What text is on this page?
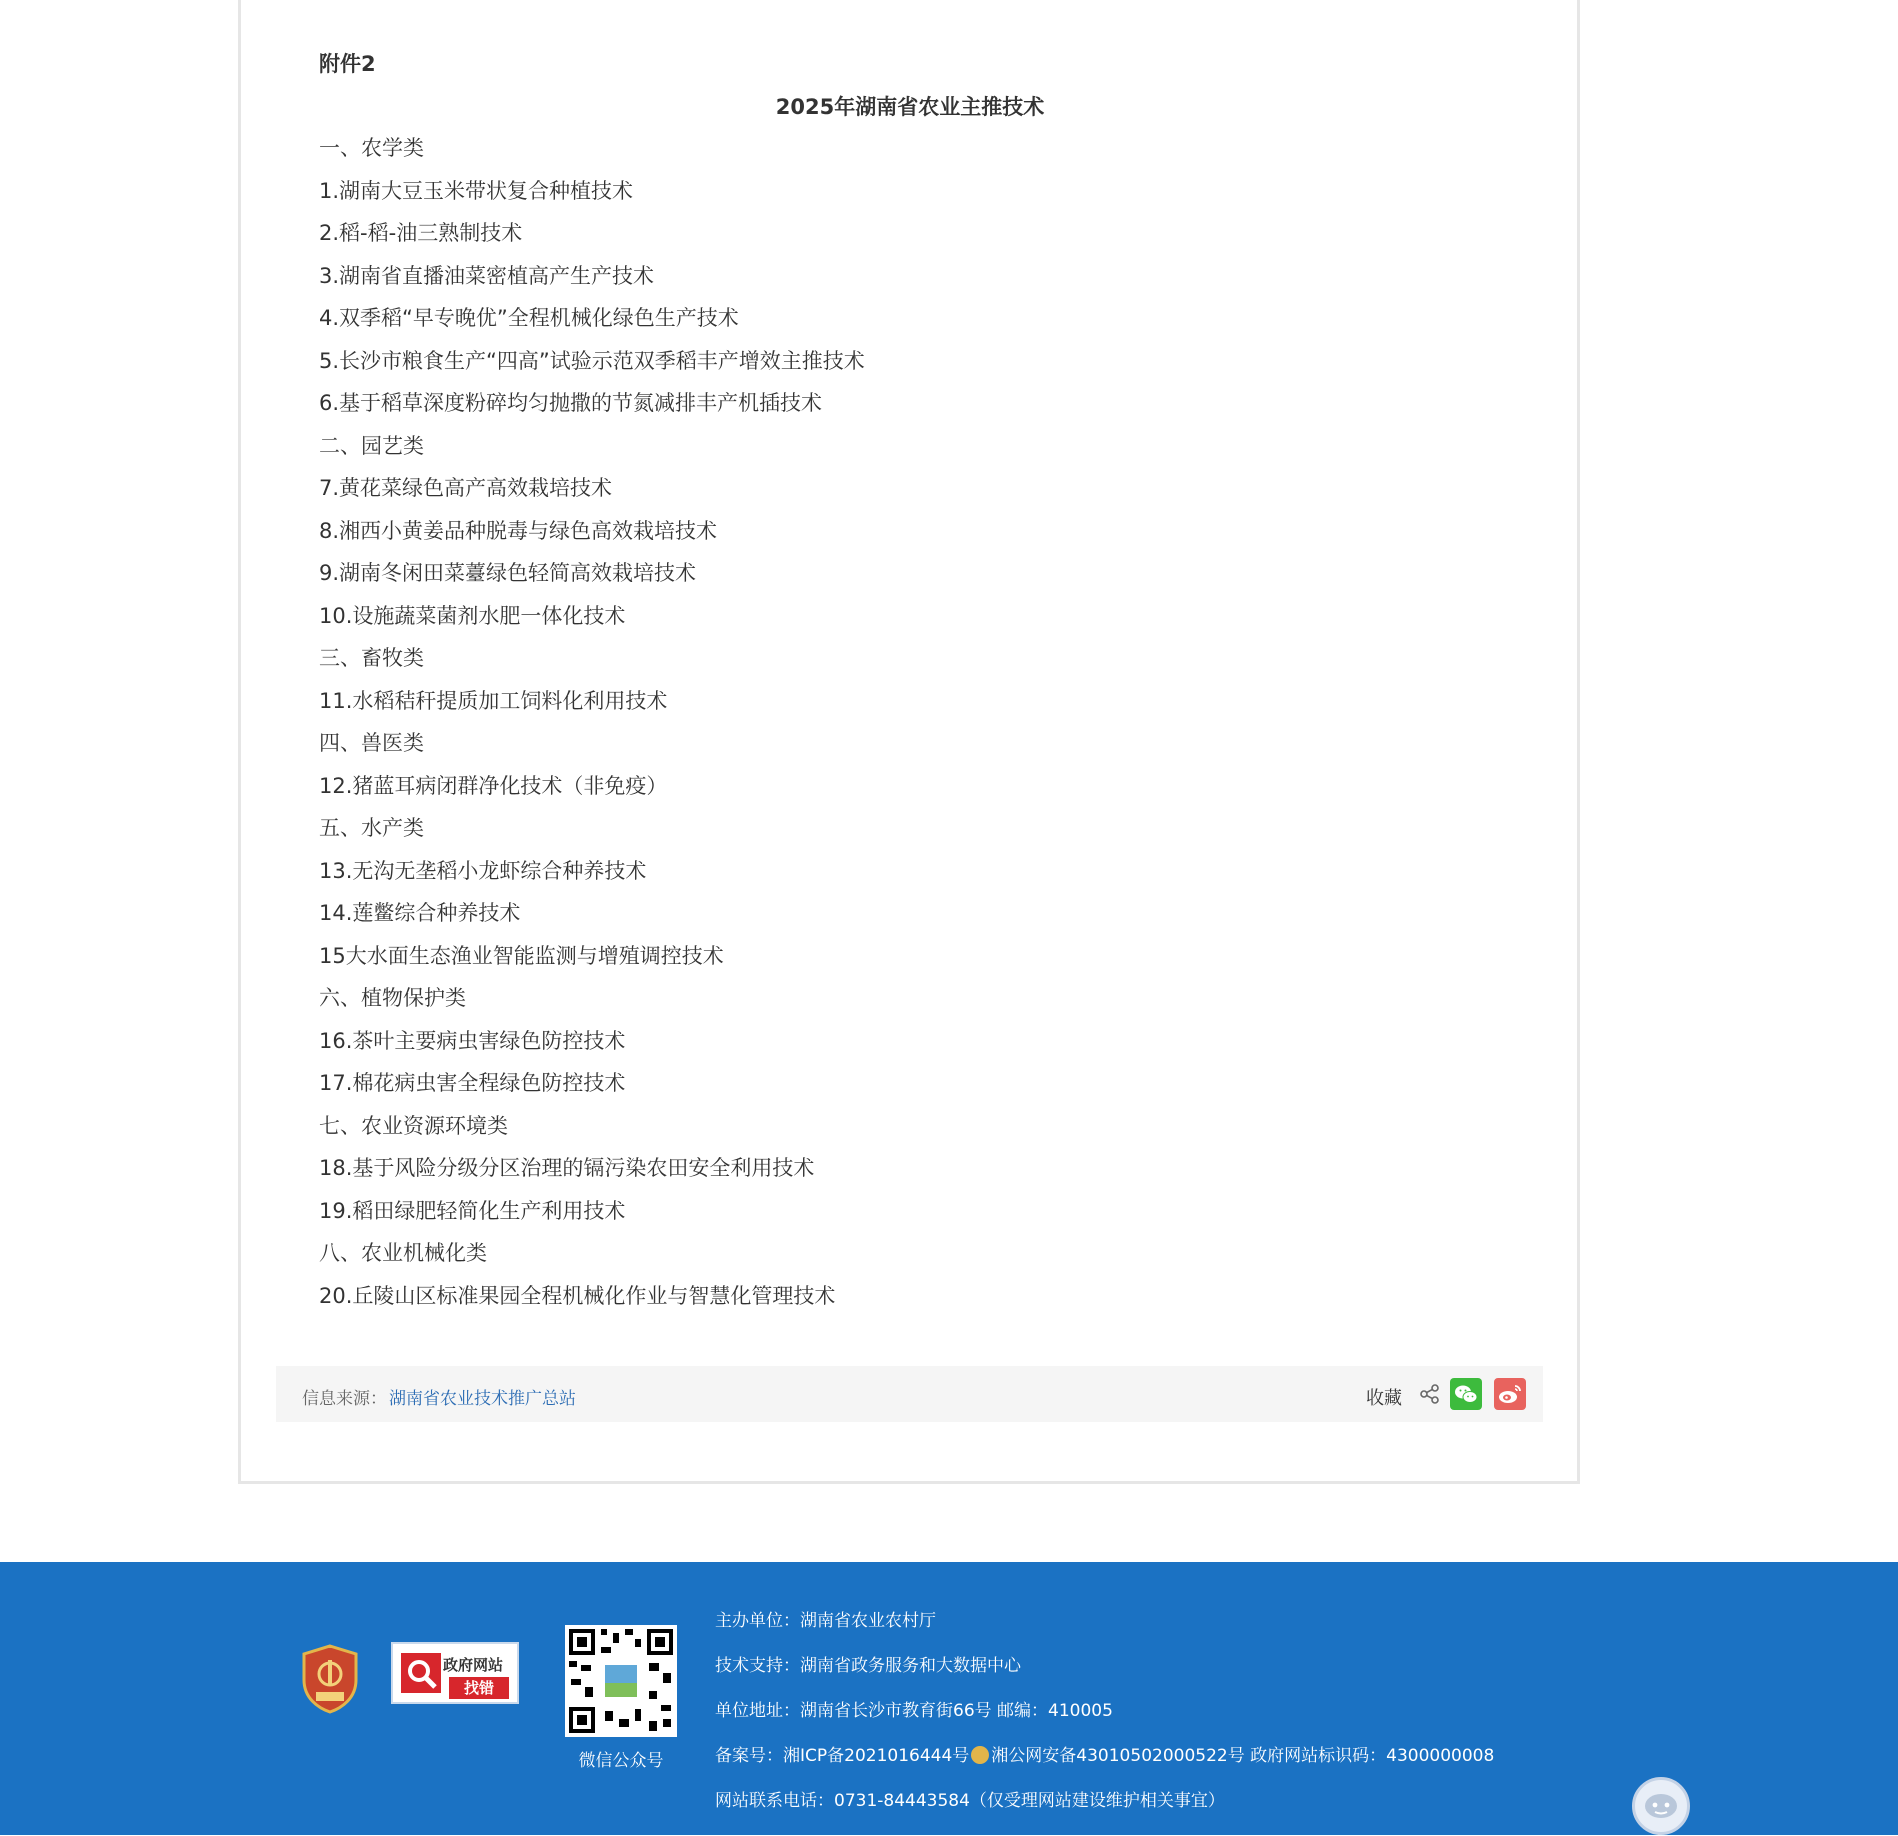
附件2
2025年湖南省农业主推技术
一、农学类
1.湖南大豆玉米带状复合种植技术
2.稻-稻-油三熟制技术
3.湖南省直播油菜密植高产生产技术
4.双季稻“早专晚优”全程机械化绿色生产技术
5.长沙市粮食生产“四高”试验示范双季稻丰产增效主推技术
6.基于稻草深度粉碎均匀抛撒的节氮减排丰产机插技术
二、园艺类
7.黄花菜绿色高产高效栽培技术
8.湘西小黄姜品种脱毒与绿色高效栽培技术
9.湖南冬闲田菜薹绿色轻简高效栽培技术
10.设施蔬菜菌剂水肥一体化技术
三、畜牧类
11.水稻秸秆提质加工饲料化利用技术
四、兽医类
12.猪蓝耳病闭群净化技术（非免疫）
五、水产类
13.无沟无垄稻小龙虾综合种养技术
14.莲鳖综合种养技术
15大水面生态渔业智能监测与增殖调控技术
六、植物保护类
16.茶叶主要病虫害绿色防控技术
17.棉花病虫害全程绿色防控技术
七、农业资源环境类
18.基于风险分级分区治理的镉污染农田安全利用技术
19.稻田绿肥轻简化生产利用技术
八、农业机械化类
20.丘陵山区标准果园全程机械化作业与智慧化管理技术
信息来源： 湖南省农业技术推广总站	收藏
政府网站
找错
微信公众号
主办单位：湖南省农业农村厅
技术支持：湖南省政务服务和大数据中心
单位地址：湖南省长沙市教育街66号 邮编：410005
备案号：湘ICP备2021016444号 湘公网安备43010502000522号 政府网站标识码：4300000008
网站联系电话：0731-84443584（仅受理网站建设维护相关事宜）
